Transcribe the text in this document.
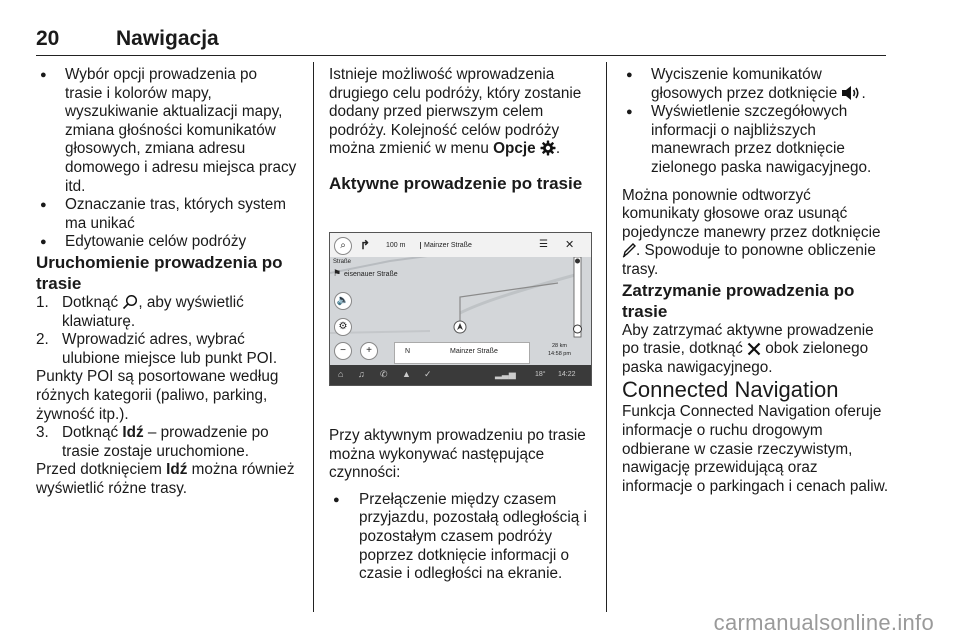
20	Nawigacja

● Wybór opcji prowadzenia po trasie i kolorów mapy, wyszukiwanie aktualizacji mapy, zmiana głośności komunikatów głosowych, zmiana adresu domowego i adresu miejsca pracy itd.

● Oznaczanie tras, których system ma unikać

● Edytowanie celów podróży

Uruchomienie prowadzenia po trasie

1. Dotknąć , aby wyświetlić klawiaturę.

2. Wprowadzić adres, wybrać ulubione miejsce lub punkt POI.

Punkty POI są posortowane według różnych kategorii (paliwo, parking, żywność itp.).

3. Dotknąć Idź – prowadzenie po trasie zostaje uruchomione.

Przed dotknięciem Idź można również wyświetlić różne trasy.

Istnieje możliwość wprowadzenia drugiego celu podróży, który zostanie dodany przed pierwszym celem podróży. Kolejność celów podróży można zmienić w menu Opcje .

Aktywne prowadzenie po trasie

⌕	↱ 100 m	Mainzer Straße	☰ ✕
Straße
⚑ eisenauer Straße
🔈
⚙
−	+	N	Mainzer Straße
28 km
14:58 pm
⌂ ♫ ✆ ▲ ✓	▂▃▅	18° 14:22

Przy aktywnym prowadzeniu po trasie można wykonywać następujące czynności:

● Przełączenie między czasem przyjazdu, pozostałą odległością i pozostałym czasem podróży poprzez dotknięcie informacji o czasie i odległości na ekranie.

● Wyciszenie komunikatów głosowych przez dotknięcie .

● Wyświetlenie szczegółowych informacji o najbliższych manewrach przez dotknięcie zielonego paska nawigacyjnego.

Można ponownie odtworzyć komunikaty głosowe oraz usunąć pojedyncze manewry przez dotknięcie . Spowoduje to ponowne obliczenie trasy.

Zatrzymanie prowadzenia po trasie

Aby zatrzymać aktywne prowadzenie po trasie, dotknąć  obok zielonego paska nawigacyjnego.

Connected Navigation

Funkcja Connected Navigation oferuje informacje o ruchu drogowym odbierane w czasie rzeczywistym, nawigację przewidującą oraz informacje o parkingach i cenach paliw.

carmanualsonline.info
